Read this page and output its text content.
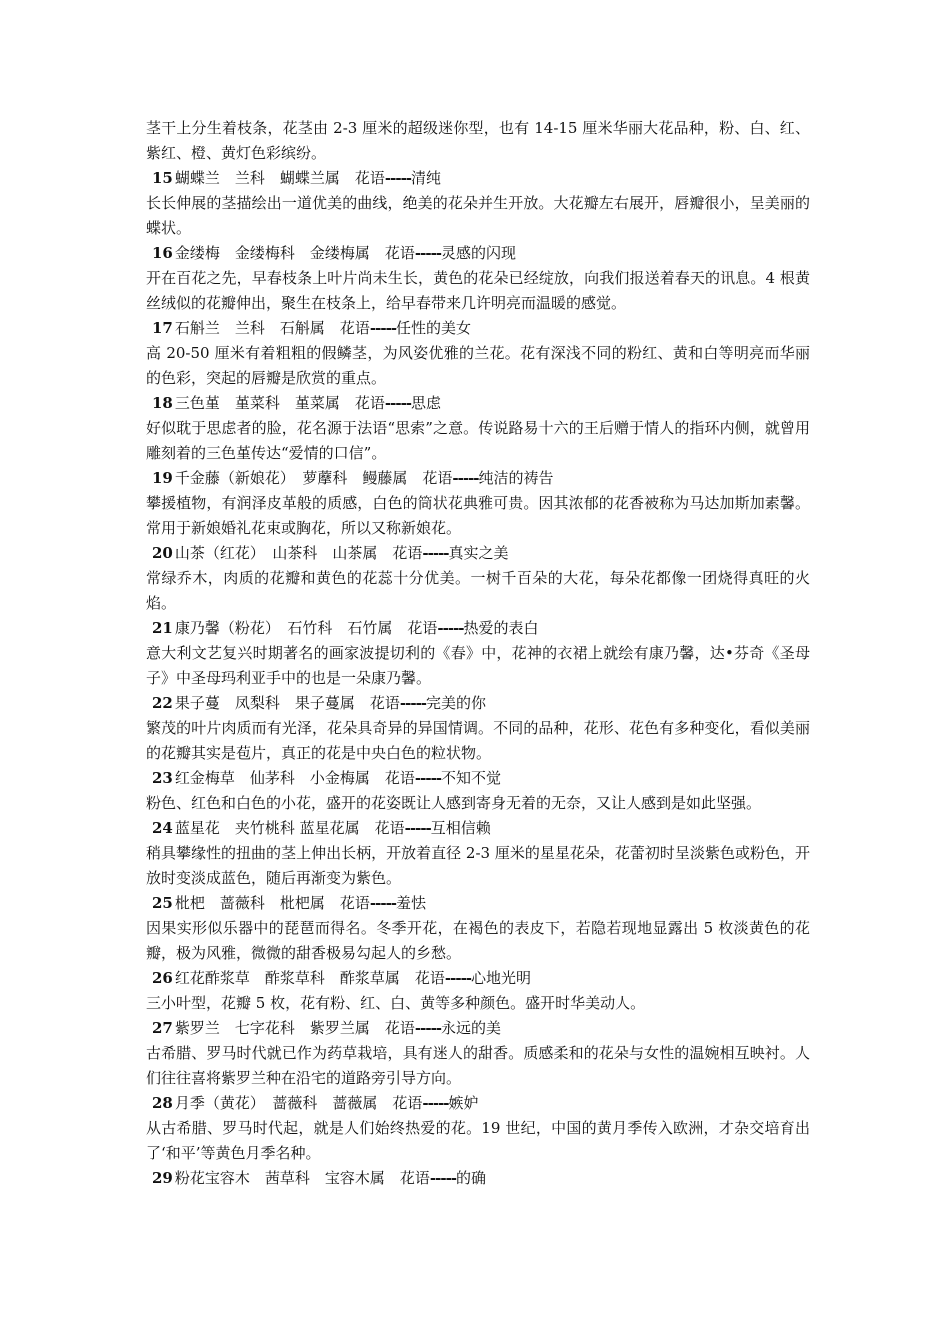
茎干上分生着枝条，花茎由 2-3 厘米的超级迷你型，也有 14-15 厘米华丽大花品种，粉、白、红、紫红、橙、黄灯色彩缤纷。

15 蝴蝶兰　兰科　蝴蝶兰属　花语-----清纯

长长伸展的茎描绘出一道优美的曲线，绝美的花朵并生开放。大花瓣左右展开，唇瓣很小，呈美丽的蝶状。

16 金缕梅　金缕梅科　金缕梅属　花语-----灵感的闪现

开在百花之先，早春枝条上叶片尚未生长，黄色的花朵已经绽放，向我们报送着春天的讯息。4 根黄丝绒似的花瓣伸出，聚生在枝条上，给早春带来几许明亮而温暖的感觉。

17 石斛兰　兰科　石斛属　花语-----任性的美女

高 20-50 厘米有着粗粗的假鳞茎，为风姿优雅的兰花。花有深浅不同的粉红、黄和白等明亮而华丽的色彩，突起的唇瓣是欣赏的重点。

18 三色堇　堇菜科　堇菜属　花语-----思虑

好似耽于思虑者的脸，花名源于法语“思索”之意。传说路易十六的王后赠于情人的指环内侧，就曾用雕刻着的三色堇传达“爱情的口信”。

19 千金藤（新娘花）　萝藦科　鳗藤属　花语-----纯洁的祷告

攀援植物，有润泽皮革般的质感，白色的筒状花典雅可贵。因其浓郁的花香被称为马达加斯加素馨。常用于新娘婚礼花束或胸花，所以又称新娘花。

20 山茶（红花）　山茶科　山茶属　花语-----真实之美

常绿乔木，肉质的花瓣和黄色的花蕊十分优美。一树千百朵的大花，每朵花都像一团烧得真旺的火焰。

21 康乃馨（粉花）　石竹科　石竹属　花语-----热爱的表白

意大利文艺复兴时期著名的画家波提切利的《春》中，花神的衣裙上就绘有康乃馨，达•芬奇《圣母子》中圣母玛利亚手中的也是一朵康乃馨。

22 果子蔓　凤梨科　果子蔓属　花语-----完美的你

繁茂的叶片肉质而有光泽，花朵具奇异的异国情调。不同的品种，花形、花色有多种变化，看似美丽的花瓣其实是苞片，真正的花是中央白色的粒状物。

23 红金梅草　仙茅科　小金梅属　花语-----不知不觉

粉色、红色和白色的小花，盛开的花姿既让人感到寄身无着的无奈，又让人感到是如此坚强。

24 蓝星花　夹竹桃科 蓝星花属　花语-----互相信赖

稍具攀缘性的扭曲的茎上伸出长柄，开放着直径 2-3 厘米的星星花朵，花蕾初时呈淡紫色或粉色，开放时变淡成蓝色，随后再渐变为紫色。

25 枇杷　蔷薇科　枇杷属　花语-----羞怯

因果实形似乐器中的琵琶而得名。冬季开花，在褐色的表皮下，若隐若现地显露出 5 枚淡黄色的花瓣，极为风雅，微微的甜香极易勾起人的乡愁。

26 红花酢浆草　酢浆草科　酢浆草属　花语-----心地光明

三小叶型，花瓣 5 枚，花有粉、红、白、黄等多种颜色。盛开时华美动人。

27 紫罗兰　七字花科　紫罗兰属　花语-----永远的美

古希腊、罗马时代就已作为药草栽培，具有迷人的甜香。质感柔和的花朵与女性的温婉相互映衬。人们往往喜将紫罗兰种在沿宅的道路旁引导方向。

28 月季（黄花）　蔷薇科　蔷薇属　花语-----嫉妒

从古希腊、罗马时代起，就是人们始终热爱的花。19 世纪，中国的黄月季传入欧洲，才杂交培育出了‘和平’等黄色月季名种。

29 粉花宝容木　茜草科　宝容木属　花语-----的确
